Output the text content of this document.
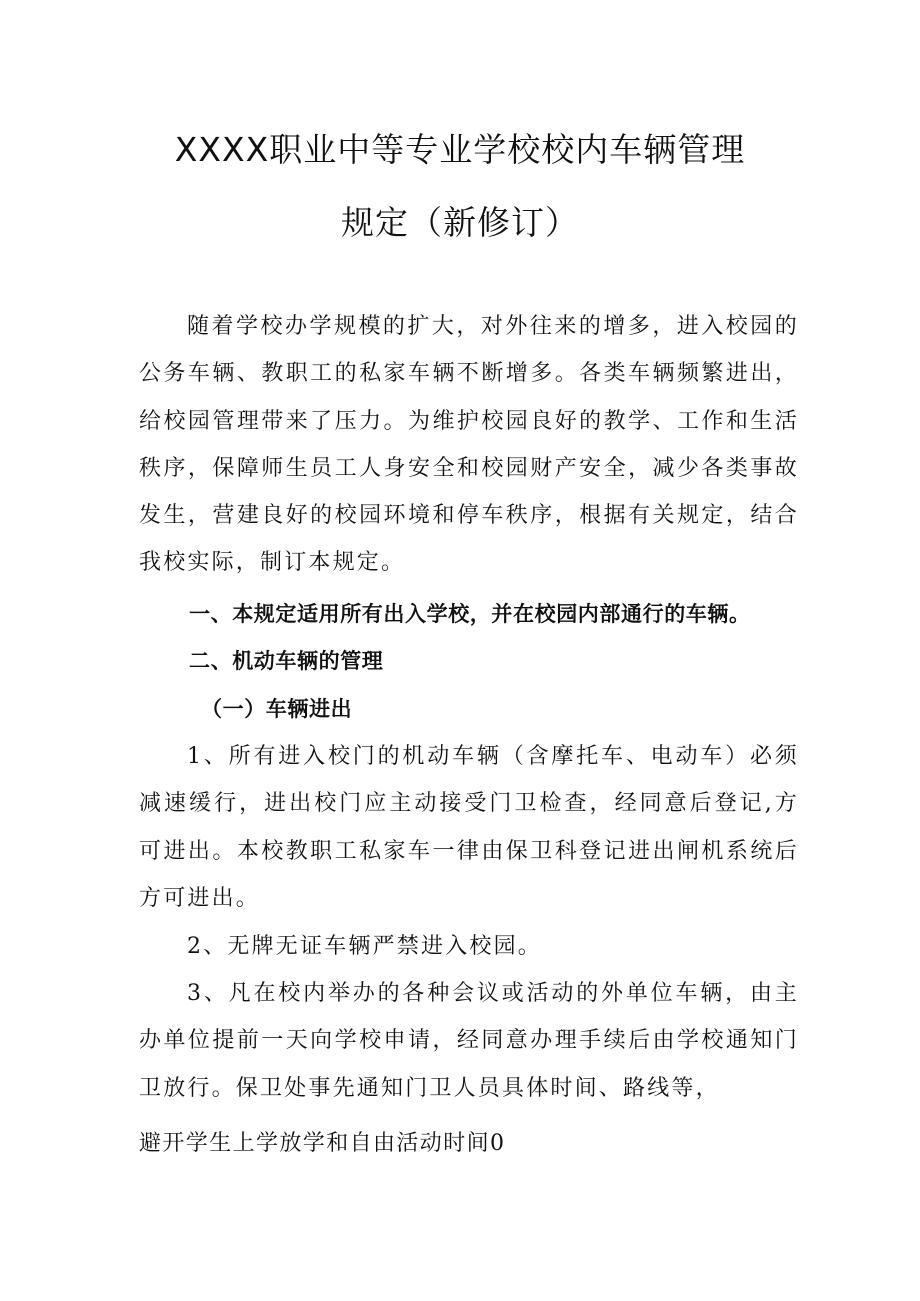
XXXX职业中等专业学校校内车辆管理
规定（新修订）

随着学校办学规模的扩大，对外往来的增多，进入校园的公务车辆、教职工的私家车辆不断增多。各类车辆频繁进出，给校园管理带来了压力。为维护校园良好的教学、工作和生活秩序，保障师生员工人身安全和校园财产安全，减少各类事故发生，营建良好的校园环境和停车秩序，根据有关规定，结合我校实际，制订本规定。

一、本规定适用所有出入学校，并在校园内部通行的车辆。

二、机动车辆的管理

（一）车辆进出

1、所有进入校门的机动车辆（含摩托车、电动车）必须减速缓行，进出校门应主动接受门卫检查，经同意后登记,方可进出。本校教职工私家车一律由保卫科登记进出闸机系统后方可进出。

2、无牌无证车辆严禁进入校园。

3、凡在校内举办的各种会议或活动的外单位车辆，由主办单位提前一天向学校申请，经同意办理手续后由学校通知门卫放行。保卫处事先通知门卫人员具体时间、路线等，

避开学生上学放学和自由活动时间0
